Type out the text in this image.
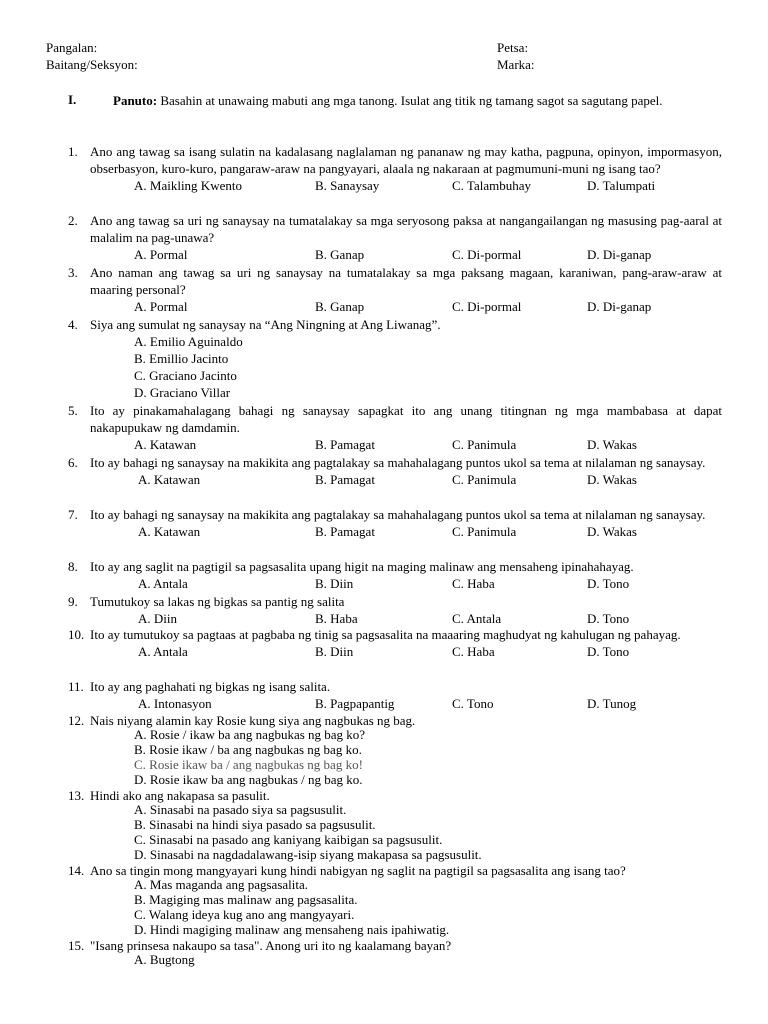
Pangalan:	Petsa:
Baitang/Seksyon:	Marka:
I.	Panuto: Basahin at unawaing mabuti ang mga tanong. Isulat ang titik ng tamang sagot sa sagutang papel.
1. Ano ang tawag sa isang sulatin na kadalasang naglalaman ng pananaw ng may katha, pagpuna, opinyon, impormasyon, obserbasyon, kuro-kuro, pangaraw-araw na pangyayari, alaala ng nakaraan at pagmumuni-muni ng isang tao?
A. Maikling Kwento	B. Sanaysay	C. Talambuhay	D. Talumpati
2. Ano ang tawag sa uri ng sanaysay na tumatalakay sa mga seryosong paksa at nangangailangan ng masusing pag-aaral at malalim na pag-unawa?
A. Pormal	B. Ganap	C. Di-pormal	D. Di-ganap
3. Ano naman ang tawag sa uri ng sanaysay na tumatalakay sa mga paksang magaan, karaniwan, pang-araw-araw at maaring personal?
A. Pormal	B. Ganap	C. Di-pormal	D. Di-ganap
4. Siya ang sumulat ng sanaysay na “Ang Ningning at Ang Liwanag”.
A. Emilio Aguinaldo
B. Emillio Jacinto
C. Graciano Jacinto
D. Graciano Villar
5. Ito ay pinakamahalagang bahagi ng sanaysay sapagkat ito ang unang titingnan ng mga mambabasa at dapat nakapupukaw ng damdamin.
A. Katawan	B. Pamagat	C. Panimula	D. Wakas
6. Ito ay bahagi ng sanaysay na makikita ang pagtalakay sa mahahalagang puntos ukol sa tema at nilalaman ng sanaysay.
A. Katawan	B. Pamagat	C. Panimula	D. Wakas
7. Ito ay bahagi ng sanaysay na makikita ang pagtalakay sa mahahalagang puntos ukol sa tema at nilalaman ng sanaysay.
A. Katawan	B. Pamagat	C. Panimula	D. Wakas
8. Ito ay ang saglit na pagtigil sa pagsasalita upang higit na maging malinaw ang mensaheng ipinahahayag.
A. Antala	B. Diin	C. Haba	D. Tono
9. Tumutukoy sa lakas ng bigkas sa pantig ng salita
A. Diin	B. Haba	C. Antala	D. Tono
10. Ito ay tumutukoy sa pagtaas at pagbaba ng tinig sa pagsasalita na maaaring maghudyat ng kahulugan ng pahayag.
A. Antala	B. Diin	C. Haba	D. Tono
11. Ito ay ang paghahati ng bigkas ng isang salita.
A. Intonasyon	B. Pagpapantig	C. Tono	D. Tunog
12. Nais niyang alamin kay Rosie kung siya ang nagbukas ng bag.
A. Rosie / ikaw ba ang nagbukas ng bag ko?
B. Rosie ikaw / ba ang nagbukas ng bag ko.
C. Rosie ikaw ba / ang nagbukas ng bag ko!
D. Rosie ikaw ba ang nagbukas / ng bag ko.
13. Hindi ako ang nakapasa sa pasulit.
A. Sinasabi na pasado siya sa pagsusulit.
B. Sinasabi na hindi siya pasado sa pagsusulit.
C. Sinasabi na pasado ang kaniyang kaibigan sa pagsusulit.
D. Sinasabi na nagdadalawang-isip siyang makapasa sa pagsusulit.
14. Ano sa tingin mong mangyayari kung hindi nabigyan ng saglit na pagtigil sa pagsasalita ang isang tao?
A. Mas maganda ang pagsasalita.
B. Magiging mas malinaw ang pagsasalita.
C. Walang ideya kug ano ang mangyayari.
D. Hindi magiging malinaw ang mensaheng nais ipahiwatig.
15. "Isang prinsesa nakaupo sa tasa". Anong uri ito ng kaalamang bayan?
A. Bugtong
